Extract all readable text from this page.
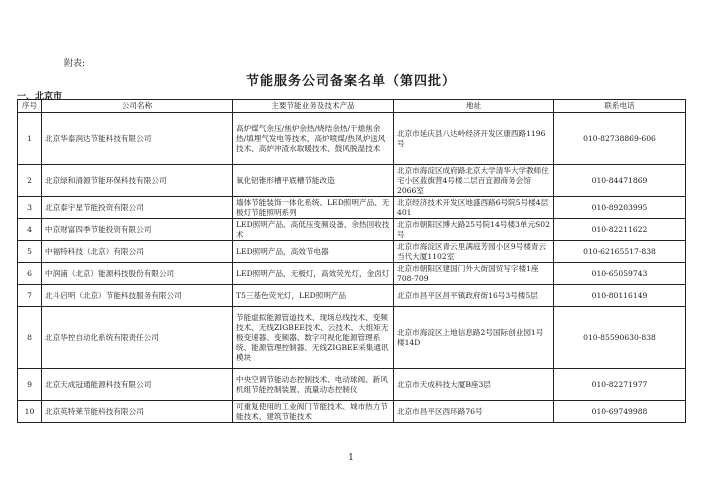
附表:
节能服务公司备案名单（第四批）
一、北京市
序号	公司名称	主要节能业务及技术产品	地址	联系电话
1	北京华泰润达节能科技有限公司	高炉煤气余压/焦炉余热/烧结余热/干熄焦余热/填埋气发电等技术，高炉喷煤/热风炉送风技术、高炉冲渣水取暖技术、鼓风脱湿技术	北京市延庆县八达岭经济开发区康西路1196号	010-82738869-606
2	北京绿和清源节能环保科技有限公司	氧化铝锥形槽平底槽节能改造	北京市海淀区成府路北京大学清华大学教师住宅小区蓝旗营4号楼二层百宜源商务会馆2066室	010-84471869
3	北京泰宇星节能投资有限公司	墙体节能装饰一体化系统、LED照明产品、无极灯节能照明系列	北京经济技术开发区地盛西路6号院5号楼4层401	010-89203995
4	中京财富四季节能投资有限公司	LED照明产品、高低压变频设备、余热回收技术	北京市朝阳区博大路25号院14号楼3单元S02号	010-82211622
5	中福特科技（北京）有限公司	LED照明产品，高效节电器	北京市海淀区青云里满庭芳园小区9号楼青云当代大厦1102室	010-62165517-838
6	中润浦（北京）能源科技股份有限公司	LED照明产品，无极灯，高效荧光灯，金卤灯	北京市朝阳区建国门外大街国贸写字楼1座708-709	010-65059743
7	北斗启明（北京）节能科技服务有限公司	T5三基色荧光灯，LED照明产品	北京市昌平区昌平镇政府街16号3号楼5层	010-80116149
8	北京华控自动化系统有限责任公司	节能虚拟能源管道技术、现场总线技术、变频技术、无线ZIGBEE技术、云技术、大组矩无极变速器、变频器、数字可视化能源管理系统、能源管理控制器、无线ZIGBEE采集通讯模块	北京市海淀区上地信息路2号国际创业园1号楼14D	010-85590630-838
9	北京天成冠通能源科技有限公司	中央空调节能动态控制技术、电动球阀、新风机组节能控制装置、流量动态控制仪	北京市天成科技大厦B座3层	010-82271977
10	北京英特莱节能科技有限公司	可重复使用的工业阀门节能技术、城市热力节能技术、建筑节能技术	北京市昌平区西环路76号	010-69749988
1
